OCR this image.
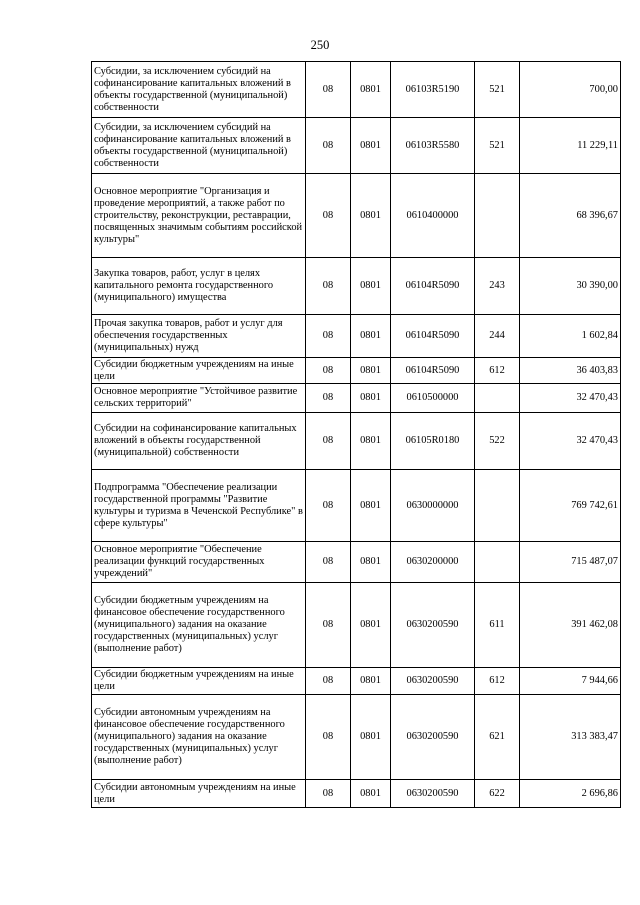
250
Субсидии, за исключением субсидий на софинансирование капитальных вложений в объекты государственной (муниципальной) собственности	08	0801	06103R5190	521	700,00
Субсидии, за исключением субсидий на софинансирование капитальных вложений в объекты государственной (муниципальной) собственности	08	0801	06103R5580	521	11 229,11
Основное мероприятие "Организация и проведение мероприятий, а также работ по строительству, реконструкции, реставрации, посвященных значимым событиям российской культуры"	08	0801	0610400000		68 396,67
Закупка товаров, работ, услуг в целях капитального ремонта государственного (муниципального) имущества	08	0801	06104R5090	243	30 390,00
Прочая закупка товаров, работ и услуг для обеспечения государственных (муниципальных) нужд	08	0801	06104R5090	244	1 602,84
Субсидии бюджетным учреждениям на иные цели	08	0801	06104R5090	612	36 403,83
Основное мероприятие "Устойчивое развитие сельских территорий"	08	0801	0610500000		32 470,43
Субсидии на софинансирование капитальных вложений в объекты государственной (муниципальной) собственности	08	0801	06105R0180	522	32 470,43
Подпрограмма "Обеспечение реализации государственной программы "Развитие культуры и туризма в Чеченской Республике" в сфере культуры"	08	0801	0630000000		769 742,61
Основное мероприятие "Обеспечение реализации функций государственных учреждений"	08	0801	0630200000		715 487,07
Субсидии бюджетным учреждениям на финансовое обеспечение государственного (муниципального) задания на оказание государственных (муниципальных) услуг (выполнение работ)	08	0801	0630200590	611	391 462,08
Субсидии бюджетным учреждениям на иные цели	08	0801	0630200590	612	7 944,66
Субсидии автономным учреждениям на финансовое обеспечение государственного (муниципального) задания на оказание государственных (муниципальных) услуг (выполнение работ)	08	0801	0630200590	621	313 383,47
Субсидии автономным учреждениям на иные цели	08	0801	0630200590	622	2 696,86
